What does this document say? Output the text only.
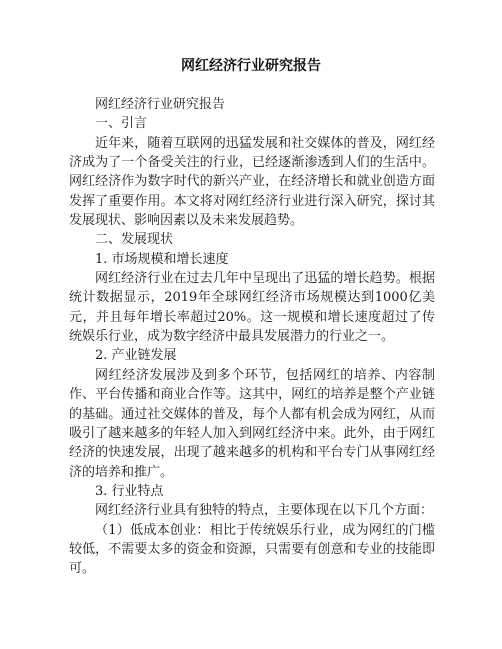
网红经济行业研究报告

网红经济行业研究报告

一、引言

近年来，随着互联网的迅猛发展和社交媒体的普及，网红经济成为了一个备受关注的行业，已经逐渐渗透到人们的生活中。网红经济作为数字时代的新兴产业，在经济增长和就业创造方面发挥了重要作用。本文将对网红经济行业进行深入研究，探讨其发展现状、影响因素以及未来发展趋势。

二、发展现状

1. 市场规模和增长速度

网红经济行业在过去几年中呈现出了迅猛的增长趋势。根据统计数据显示，2019年全球网红经济市场规模达到1000亿美元，并且每年增长率超过20%。这一规模和增长速度超过了传统娱乐行业，成为数字经济中最具发展潜力的行业之一。

2. 产业链发展

网红经济发展涉及到多个环节，包括网红的培养、内容制作、平台传播和商业合作等。这其中，网红的培养是整个产业链的基础。通过社交媒体的普及，每个人都有机会成为网红，从而吸引了越来越多的年轻人加入到网红经济中来。此外，由于网红经济的快速发展，出现了越来越多的机构和平台专门从事网红经济的培养和推广。

3. 行业特点

网红经济行业具有独特的特点，主要体现在以下几个方面：

（1）低成本创业：相比于传统娱乐行业，成为网红的门槛较低，不需要太多的资金和资源，只需要有创意和专业的技能即可。
